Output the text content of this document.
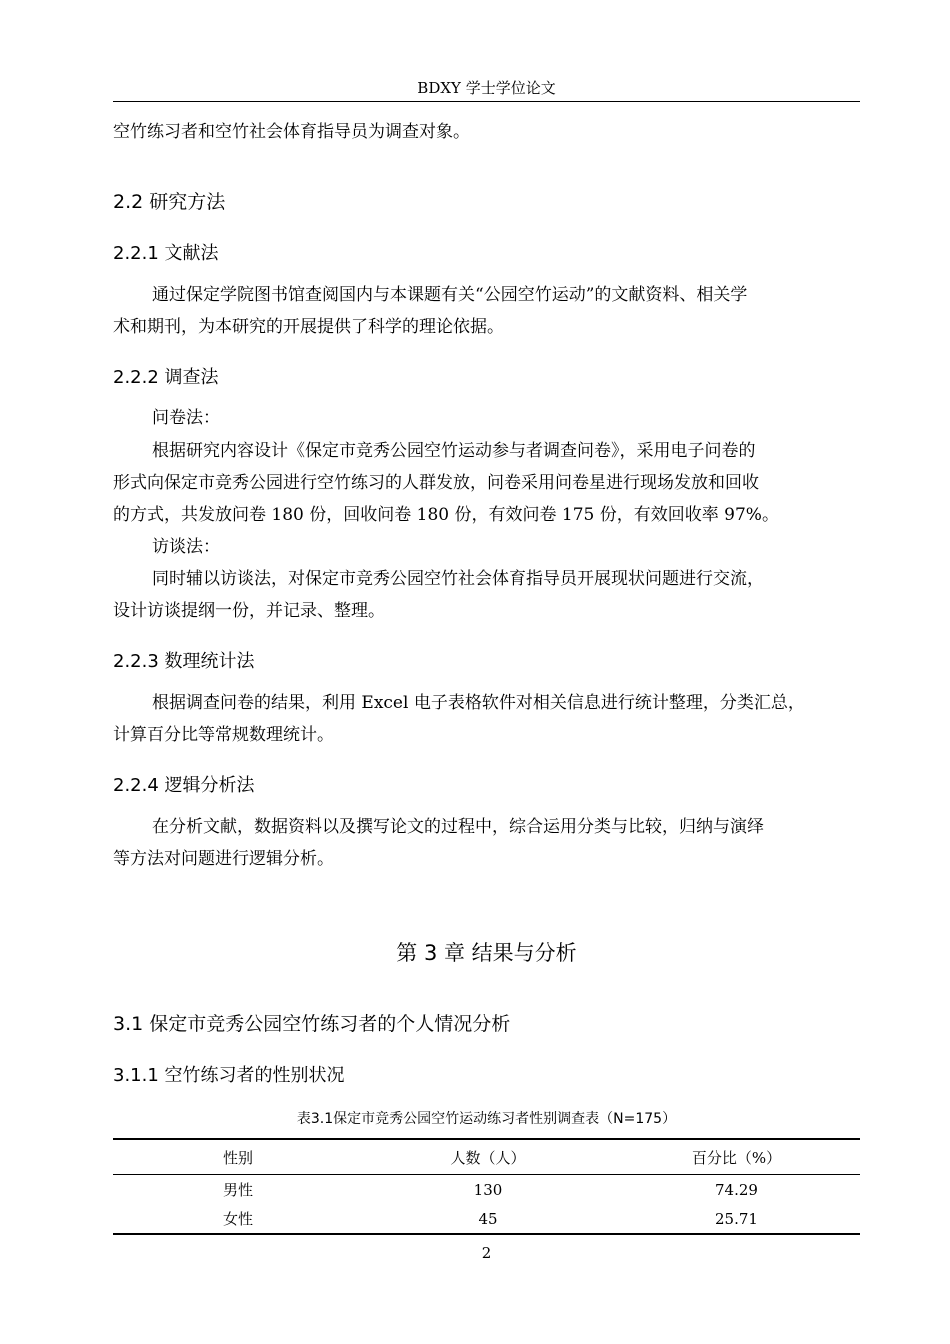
BDXY 学士学位论文
空竹练习者和空竹社会体育指导员为调查对象。
2.2 研究方法
2.2.1 文献法
通过保定学院图书馆查阅国内与本课题有关“公园空竹运动”的文献资料、相关学
术和期刊，为本研究的开展提供了科学的理论依据。
2.2.2 调查法
问卷法：
根据研究内容设计《保定市竞秀公园空竹运动参与者调查问卷》，采用电子问卷的
形式向保定市竞秀公园进行空竹练习的人群发放，问卷采用问卷星进行现场发放和回收
的方式，共发放问卷 180 份，回收问卷 180 份，有效问卷 175 份，有效回收率 97%。
访谈法：
同时辅以访谈法，对保定市竞秀公园空竹社会体育指导员开展现状问题进行交流，
设计访谈提纲一份，并记录、整理。
2.2.3 数理统计法
根据调查问卷的结果，利用 Excel 电子表格软件对相关信息进行统计整理，分类汇总，
计算百分比等常规数理统计。
2.2.4 逻辑分析法
在分析文献，数据资料以及撰写论文的过程中，综合运用分类与比较，归纳与演绎
等方法对问题进行逻辑分析。
第 3 章 结果与分析
3.1 保定市竞秀公园空竹练习者的个人情况分析
3.1.1 空竹练习者的性别状况
表3.1保定市竞秀公园空竹运动练习者性别调查表（N=175）
性别	人数（人）	百分比（%）
男性	130	74.29
女性	45	25.71
2
